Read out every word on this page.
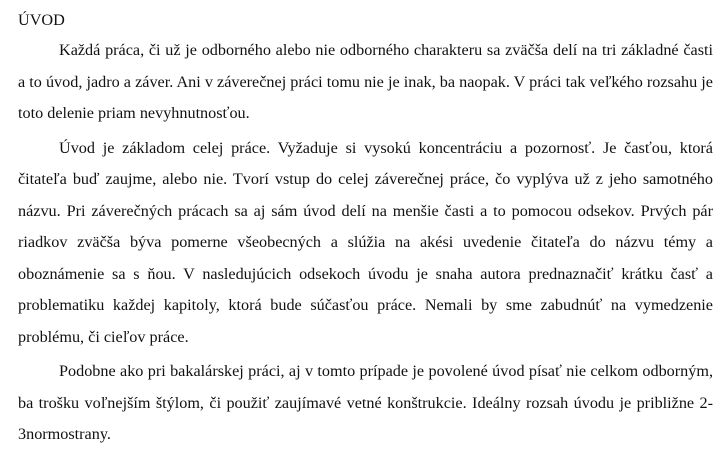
ÚVOD

Každá práca, či už je odborného alebo nie odborného charakteru sa zväčša delí na tri základné časti a to úvod, jadro a záver. Ani v záverečnej práci tomu nie je inak, ba naopak. V práci tak veľkého rozsahu je toto delenie priam nevyhnutnosťou.

Úvod je základom celej práce. Vyžaduje si vysokú koncentráciu a pozornosť. Je časťou, ktorá čitateľa buď zaujme, alebo nie. Tvorí vstup do celej záverečnej práce, čo vyplýva už z jeho samotného názvu. Pri záverečných prácach sa aj sám úvod delí na menšie časti a to pomocou odsekov. Prvých pár riadkov zväčša býva pomerne všeobecných a slúžia na akési uvedenie čitateľa do názvu témy a oboznámenie sa s ňou. V nasledujúcich odsekoch úvodu je snaha autora prednaznačiť krátku časť a problematiku každej kapitoly, ktorá bude súčasťou práce. Nemali by sme zabudnúť na vymedzenie problému, či cieľov práce.

Podobne ako pri bakalárskej práci, aj v tomto prípade je povolené úvod písať nie celkom odborným, ba trošku voľnejším štýlom, či použiť zaujímavé vetné konštrukcie. Ideálny rozsah úvodu je približne 2-3normostrany.
